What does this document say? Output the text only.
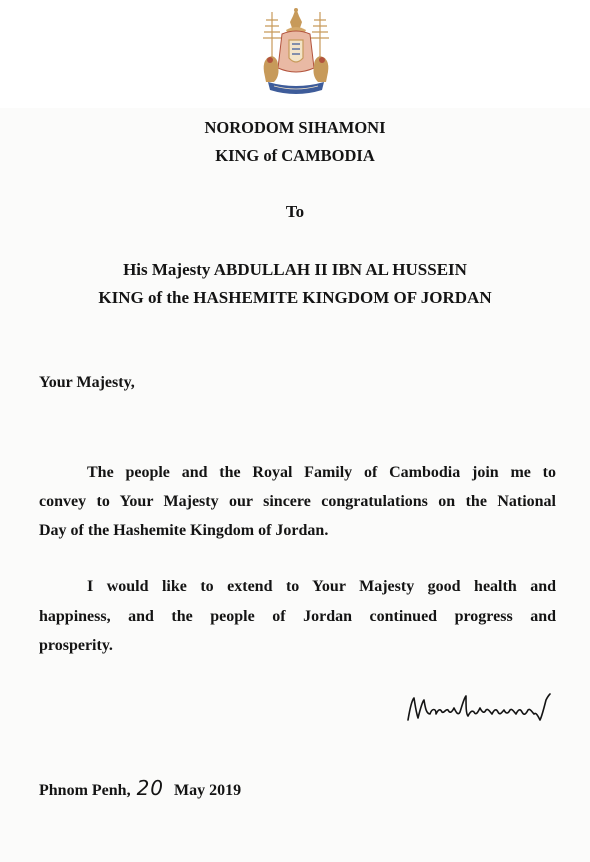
NORODOM SIHAMONI
KING of CAMBODIA
To
His Majesty ABDULLAH II IBN AL HUSSEIN
KING of the HASHEMITE KINGDOM OF JORDAN
Your Majesty,
The people and the Royal Family of Cambodia join me to
convey to Your Majesty our sincere congratulations on the National
Day of the Hashemite Kingdom of Jordan.
I would like to extend to Your Majesty good health and
happiness, and the people of Jordan continued progress and
prosperity.
Phnom Penh, 20 May 2019
